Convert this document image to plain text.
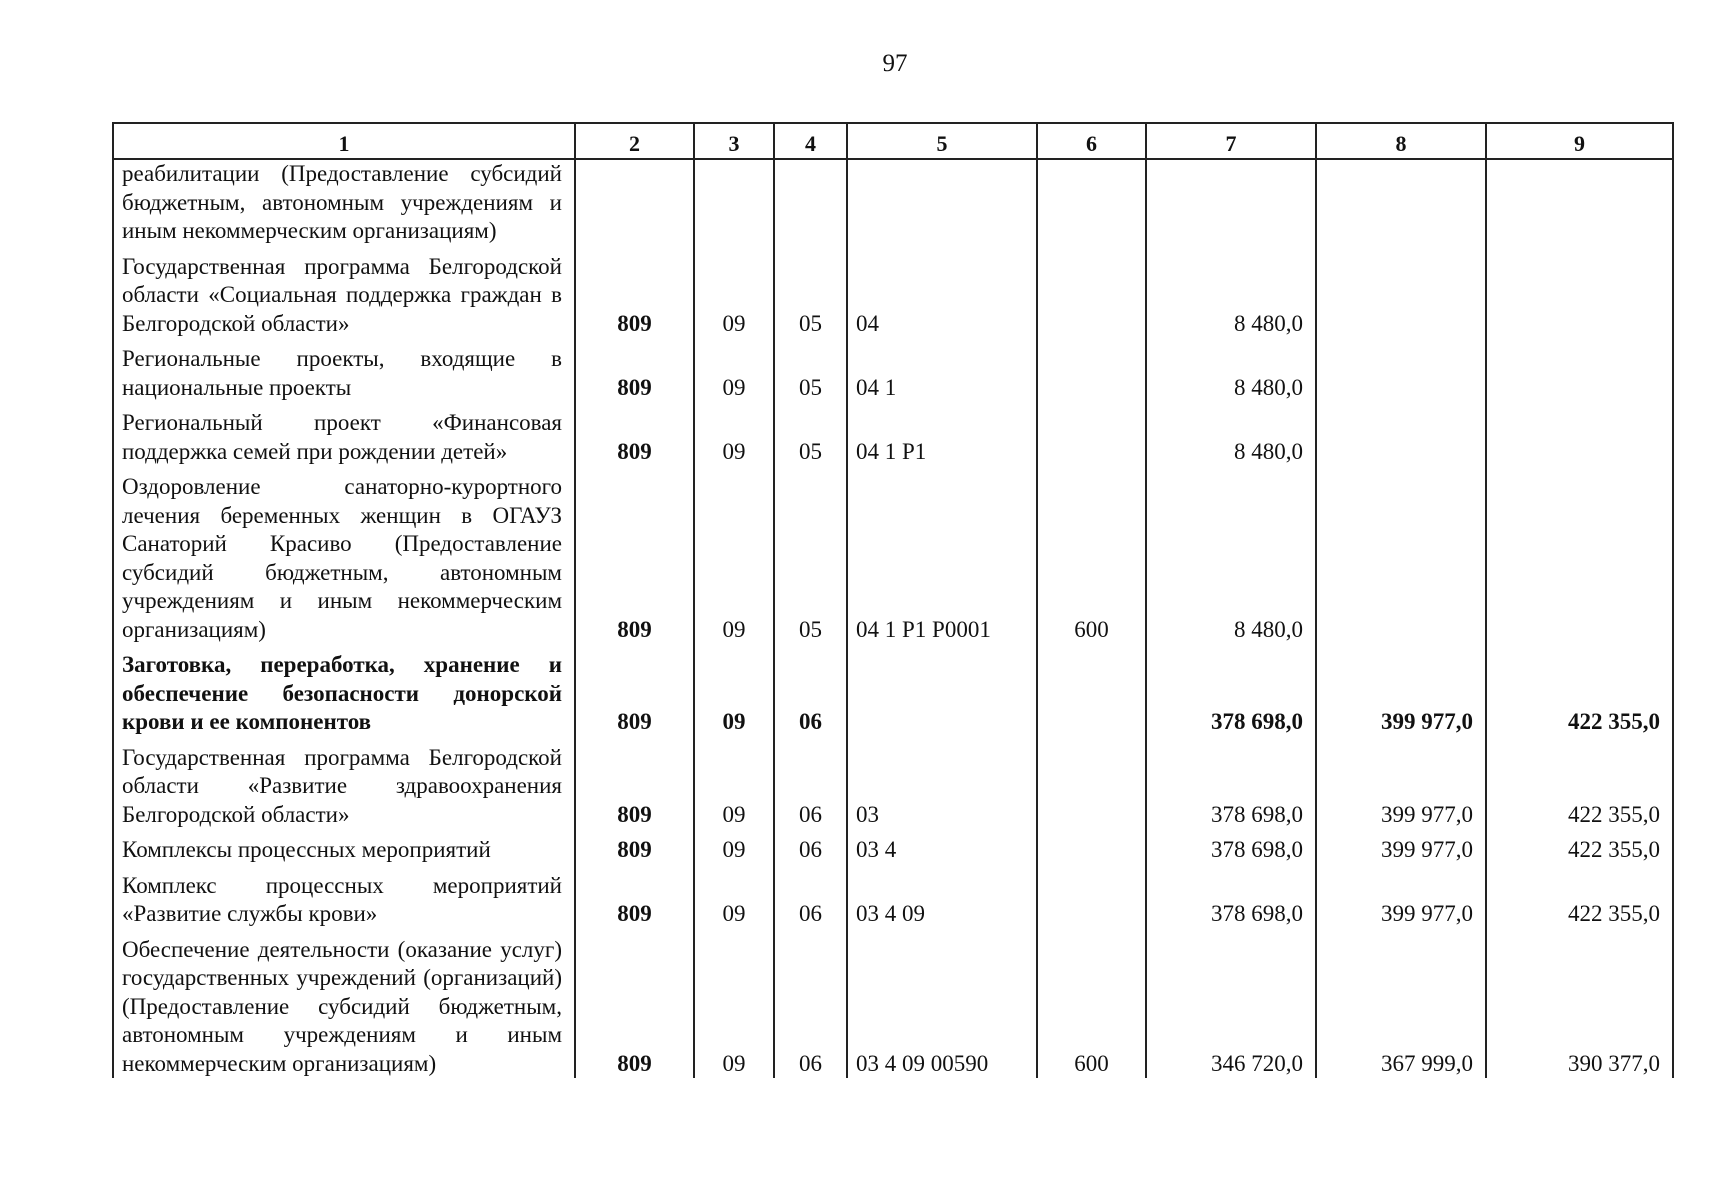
97
1	2	3	4	5	6	7	8	9
реабилитации (Предоставление субсидий бюджетным, автономным учреждениям и иным некоммерческим организациям)								
Государственная программа Белгородской области «Социальная поддержка граждан в Белгородской области»	809	09	05	04		8 480,0		
Региональные проекты, входящие в национальные проекты	809	09	05	04 1		8 480,0		
Региональный проект «Финансовая поддержка семей при рождении детей»	809	09	05	04 1 Р1		8 480,0		
Оздоровление санаторно-курортного лечения беременных женщин в ОГАУЗ Санаторий Красиво (Предоставление субсидий бюджетным, автономным учреждениям и иным некоммерческим организациям)	809	09	05	04 1 Р1 Р0001	600	8 480,0		
Заготовка, переработка, хранение и обеспечение безопасности донорской крови и ее компонентов	809	09	06			378 698,0	399 977,0	422 355,0
Государственная программа Белгородской области «Развитие здравоохранения Белгородской области»	809	09	06	03		378 698,0	399 977,0	422 355,0
Комплексы процессных мероприятий	809	09	06	03 4		378 698,0	399 977,0	422 355,0
Комплекс процессных мероприятий «Развитие службы крови»	809	09	06	03 4 09		378 698,0	399 977,0	422 355,0
Обеспечение деятельности (оказание услуг) государственных учреждений (организаций) (Предоставление субсидий бюджетным, автономным учреждениям и иным некоммерческим организациям)	809	09	06	03 4 09 00590	600	346 720,0	367 999,0	390 377,0
